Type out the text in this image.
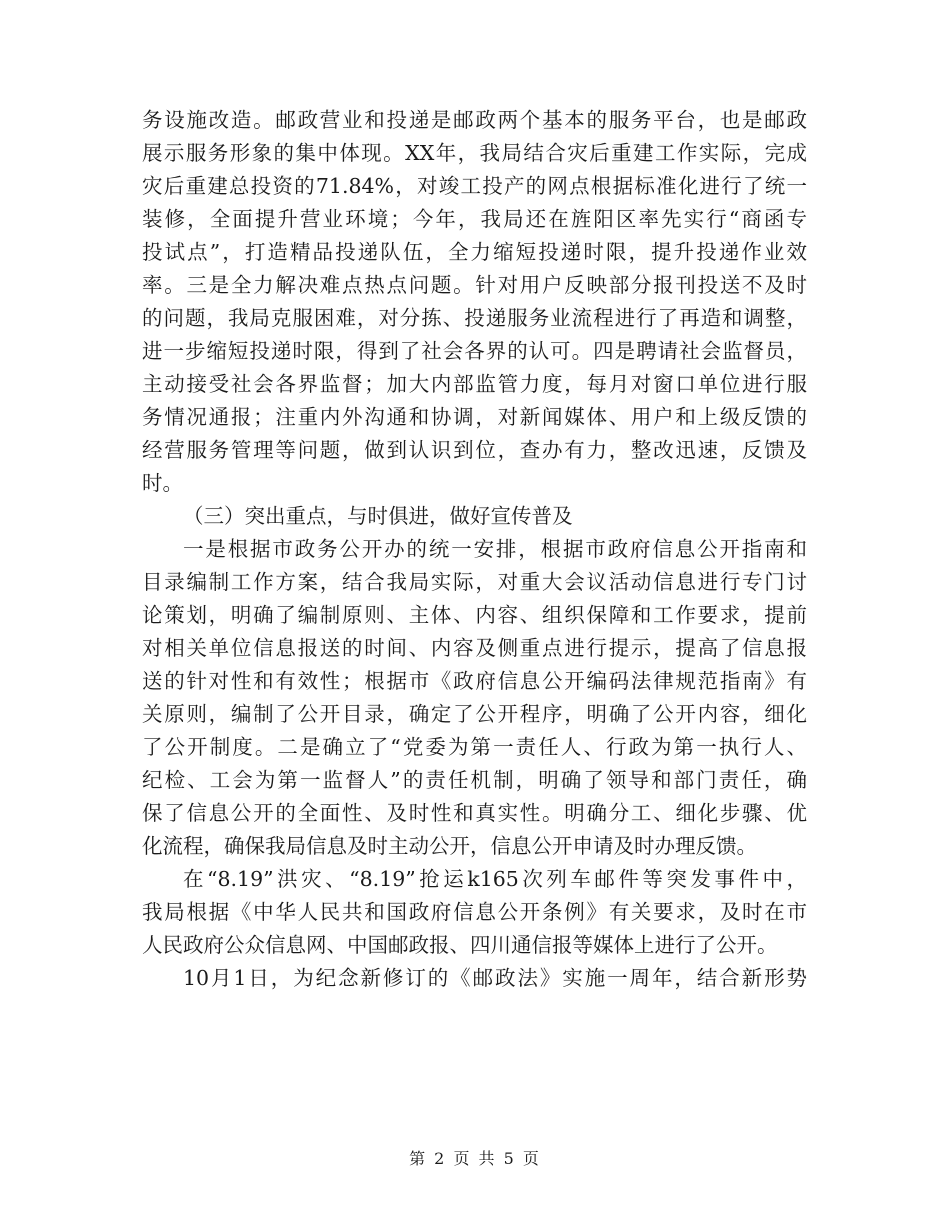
务设施改造。邮政营业和投递是邮政两个基本的服务平台，也是邮政
展示服务形象的集中体现。XX年，我局结合灾后重建工作实际，完成
灾后重建总投资的71.84%，对竣工投产的网点根据标准化进行了统一
装修，全面提升营业环境；今年，我局还在旌阳区率先实行“商函专
投试点”，打造精品投递队伍，全力缩短投递时限，提升投递作业效
率。三是全力解决难点热点问题。针对用户反映部分报刊投送不及时
的问题，我局克服困难，对分拣、投递服务业流程进行了再造和调整，
进一步缩短投递时限，得到了社会各界的认可。四是聘请社会监督员，
主动接受社会各界监督；加大内部监管力度，每月对窗口单位进行服
务情况通报；注重内外沟通和协调，对新闻媒体、用户和上级反馈的
经营服务管理等问题，做到认识到位，查办有力，整改迅速，反馈及
时。
（三）突出重点，与时俱进，做好宣传普及
一是根据市政务公开办的统一安排，根据市政府信息公开指南和
目录编制工作方案，结合我局实际，对重大会议活动信息进行专门讨
论策划，明确了编制原则、主体、内容、组织保障和工作要求，提前
对相关单位信息报送的时间、内容及侧重点进行提示，提高了信息报
送的针对性和有效性；根据市《政府信息公开编码法律规范指南》有
关原则，编制了公开目录，确定了公开程序，明确了公开内容，细化
了公开制度。二是确立了“党委为第一责任人、行政为第一执行人、
纪检、工会为第一监督人”的责任机制，明确了领导和部门责任，确
保了信息公开的全面性、及时性和真实性。明确分工、细化步骤、优
化流程，确保我局信息及时主动公开，信息公开申请及时办理反馈。
在“8.19”洪灾、“8.19”抢运k165次列车邮件等突发事件中，
我局根据《中华人民共和国政府信息公开条例》有关要求，及时在市
人民政府公众信息网、中国邮政报、四川通信报等媒体上进行了公开。
10月1日，为纪念新修订的《邮政法》实施一周年，结合新形势
第 2 页 共 5 页
